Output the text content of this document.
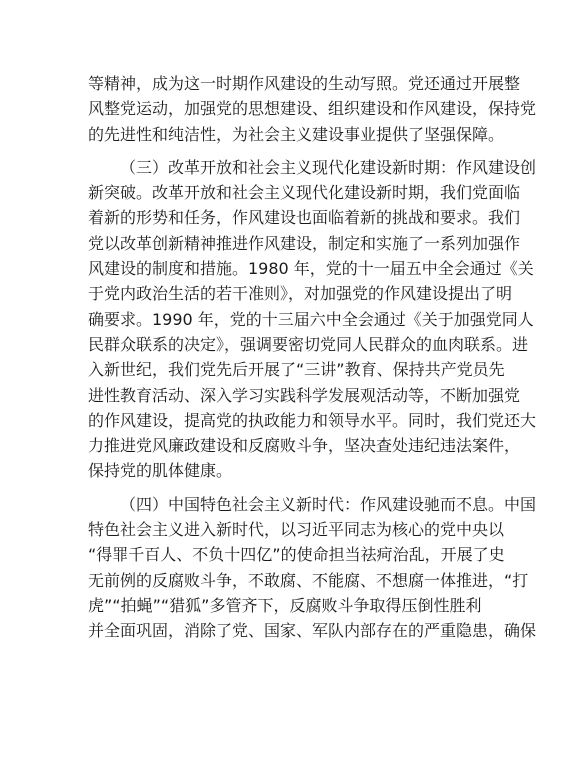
等精神，成为这一时期作风建设的生动写照。党还通过开展整
风整党运动，加强党的思想建设、组织建设和作风建设，保持党
的先进性和纯洁性，为社会主义建设事业提供了坚强保障。
（三）改革开放和社会主义现代化建设新时期：作风建设创
新突破。改革开放和社会主义现代化建设新时期，我们党面临
着新的形势和任务，作风建设也面临着新的挑战和要求。我们
党以改革创新精神推进作风建设，制定和实施了一系列加强作
风建设的制度和措施。1980 年，党的十一届五中全会通过《关
于党内政治生活的若干准则》，对加强党的作风建设提出了明
确要求。1990 年，党的十三届六中全会通过《关于加强党同人
民群众联系的决定》，强调要密切党同人民群众的血肉联系。进
入新世纪，我们党先后开展了“三讲”教育、保持共产党员先
进性教育活动、深入学习实践科学发展观活动等，不断加强党
的作风建设，提高党的执政能力和领导水平。同时，我们党还大
力推进党风廉政建设和反腐败斗争，坚决查处违纪违法案件，
保持党的肌体健康。
（四）中国特色社会主义新时代：作风建设驰而不息。中国
特色社会主义进入新时代，以习近平同志为核心的党中央以
“得罪千百人、不负十四亿”的使命担当祛疴治乱，开展了史
无前例的反腐败斗争，不敢腐、不能腐、不想腐一体推进，“打
虎”“拍蝇”“猎狐”多管齐下，反腐败斗争取得压倒性胜利
并全面巩固，消除了党、国家、军队内部存在的严重隐患，确保
